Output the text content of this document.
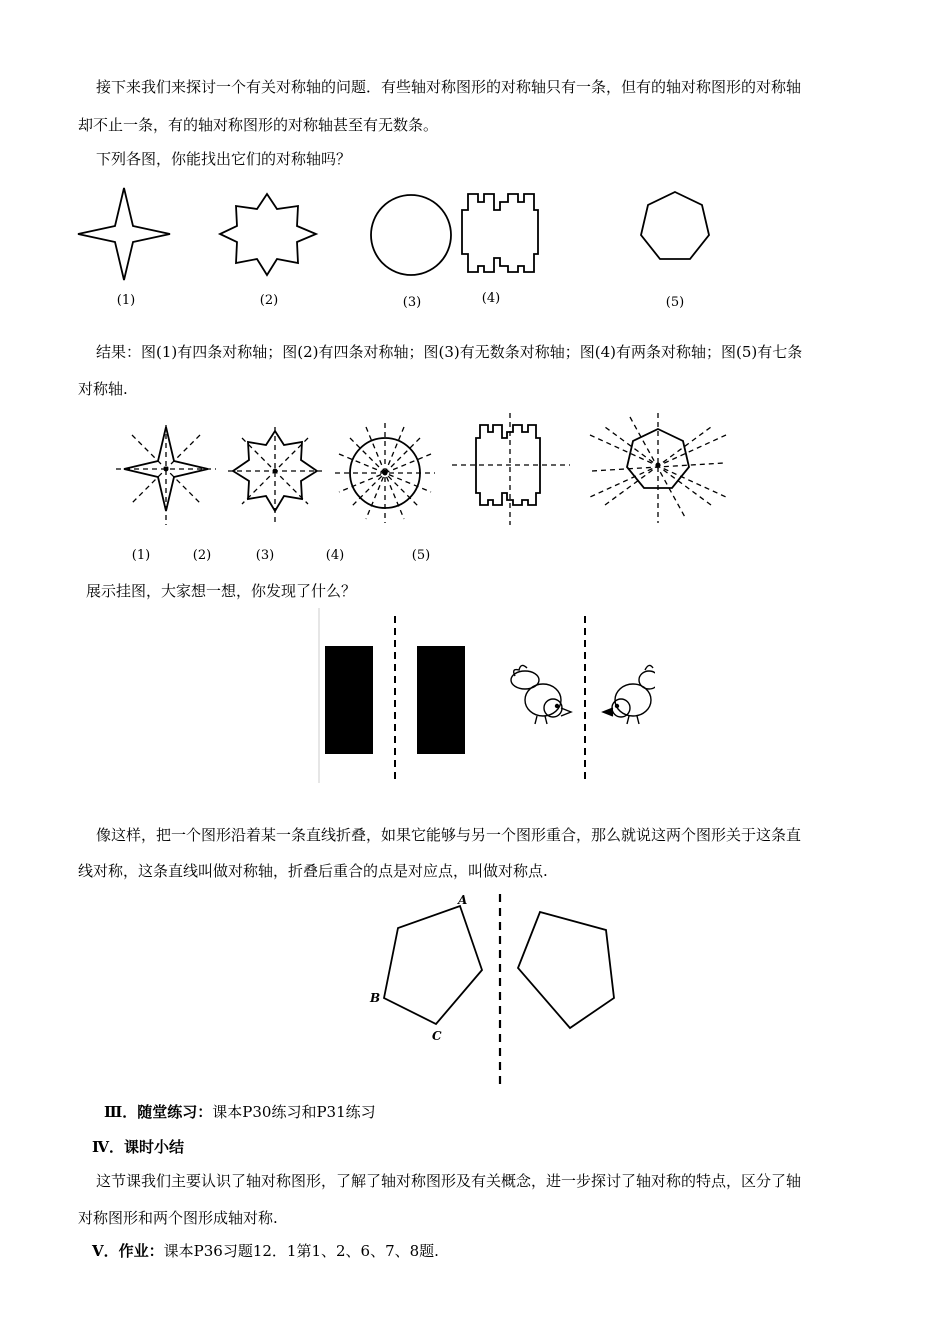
接下来我们来探讨一个有关对称轴的问题．有些轴对称图形的对称轴只有一条，但有的轴对称图形的对称轴
却不止一条，有的轴对称图形的对称轴甚至有无数条。
下列各图，你能找出它们的对称轴吗？
(1)	(2)	(3)	(4)	(5)
结果：图(1)有四条对称轴；图(2)有四条对称轴；图(3)有无数条对称轴；图(4)有两条对称轴；图(5)有七条
对称轴.
(1)	(2)	(3)	(4)	(5)
展示挂图，大家想一想，你发现了什么？
像这样，把一个图形沿着某一条直线折叠，如果它能够与另一个图形重合，那么就说这两个图形关于这条直
线对称，这条直线叫做对称轴，折叠后重合的点是对应点，叫做对称点.
A
B
C
Ⅲ．随堂练习：课本P30练习和P31练习
Ⅳ．课时小结
这节课我们主要认识了轴对称图形，了解了轴对称图形及有关概念，进一步探讨了轴对称的特点，区分了轴
对称图形和两个图形成轴对称.
Ⅴ．作业：课本P36习题12．1第1、2、6、7、8题.
